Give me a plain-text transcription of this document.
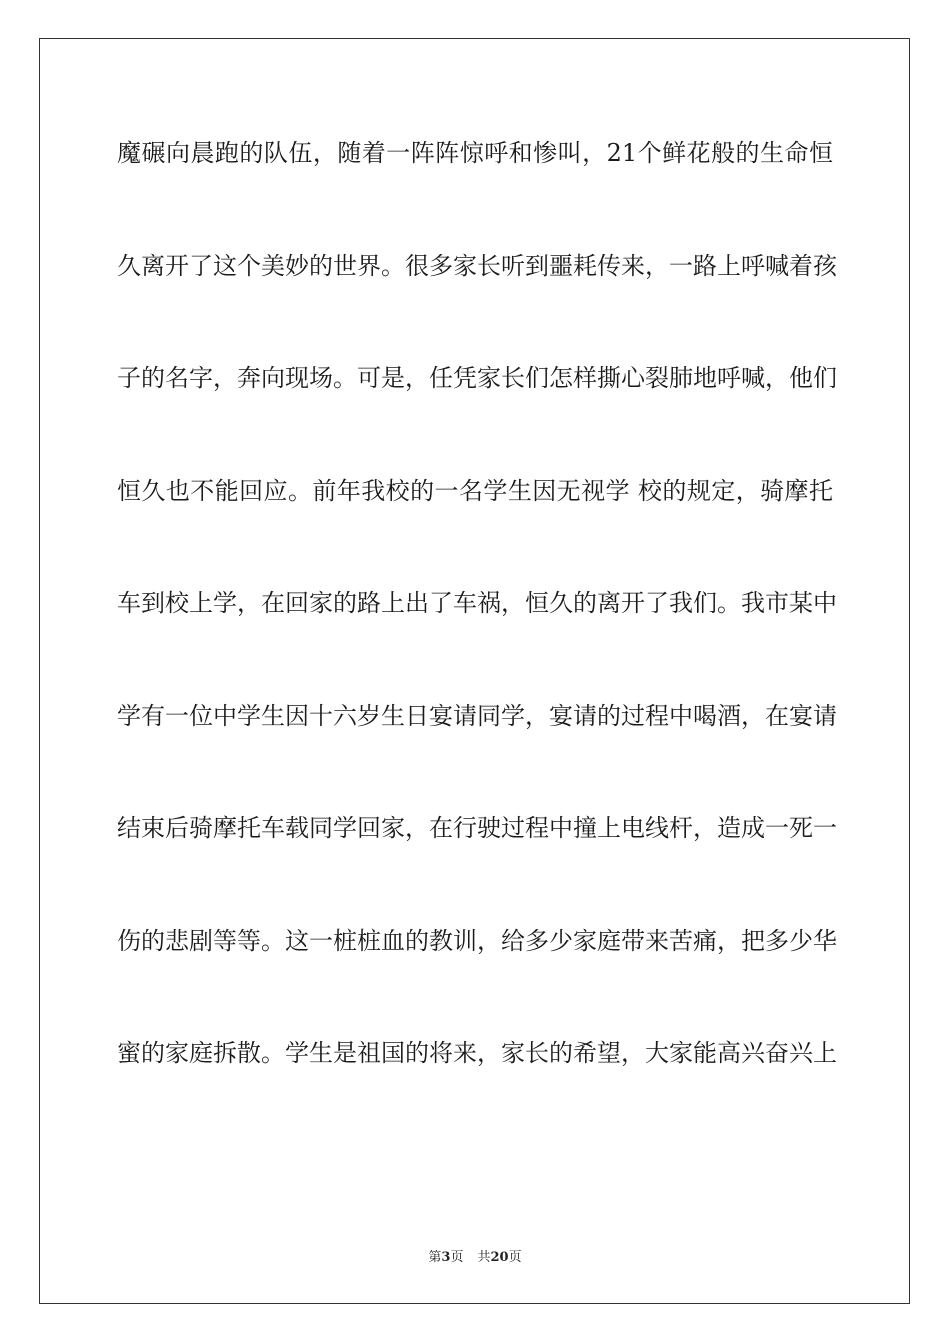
魔碾向晨跑的队伍，随着一阵阵惊呼和惨叫，21个鲜花般的生命恒
久离开了这个美妙的世界。很多家长听到噩耗传来，一路上呼喊着孩
子的名字，奔向现场。可是，任凭家长们怎样撕心裂肺地呼喊，他们
恒久也不能回应。前年我校的一名学生因无视学 校的规定，骑摩托
车到校上学，在回家的路上出了车祸，恒久的离开了我们。我市某中
学有一位中学生因十六岁生日宴请同学，宴请的过程中喝酒，在宴请
结束后骑摩托车载同学回家，在行驶过程中撞上电线杆，造成一死一
伤的悲剧等等。这一桩桩血的教训，给多少家庭带来苦痛，把多少华
蜜的家庭拆散。学生是祖国的将来，家长的希望，大家能高兴奋兴上
第3页 共20页
